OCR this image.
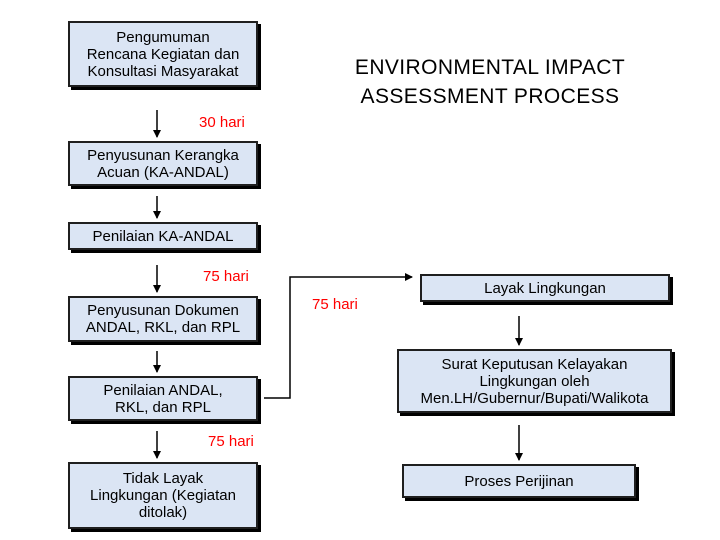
ENVIRONMENTAL IMPACT
ASSESSMENT PROCESS
Pengumuman
Rencana Kegiatan dan
Konsultasi Masyarakat
30 hari
Penyusunan Kerangka
Acuan (KA-ANDAL)
Penilaian KA-ANDAL
75 hari
Penyusunan Dokumen
ANDAL, RKL, dan RPL
Penilaian ANDAL,
RKL, dan RPL
75 hari
Tidak Layak
Lingkungan (Kegiatan
ditolak)
75 hari
Layak Lingkungan
Surat Keputusan Kelayakan
Lingkungan oleh
Men.LH/Gubernur/Bupati/Walikota
Proses Perijinan
